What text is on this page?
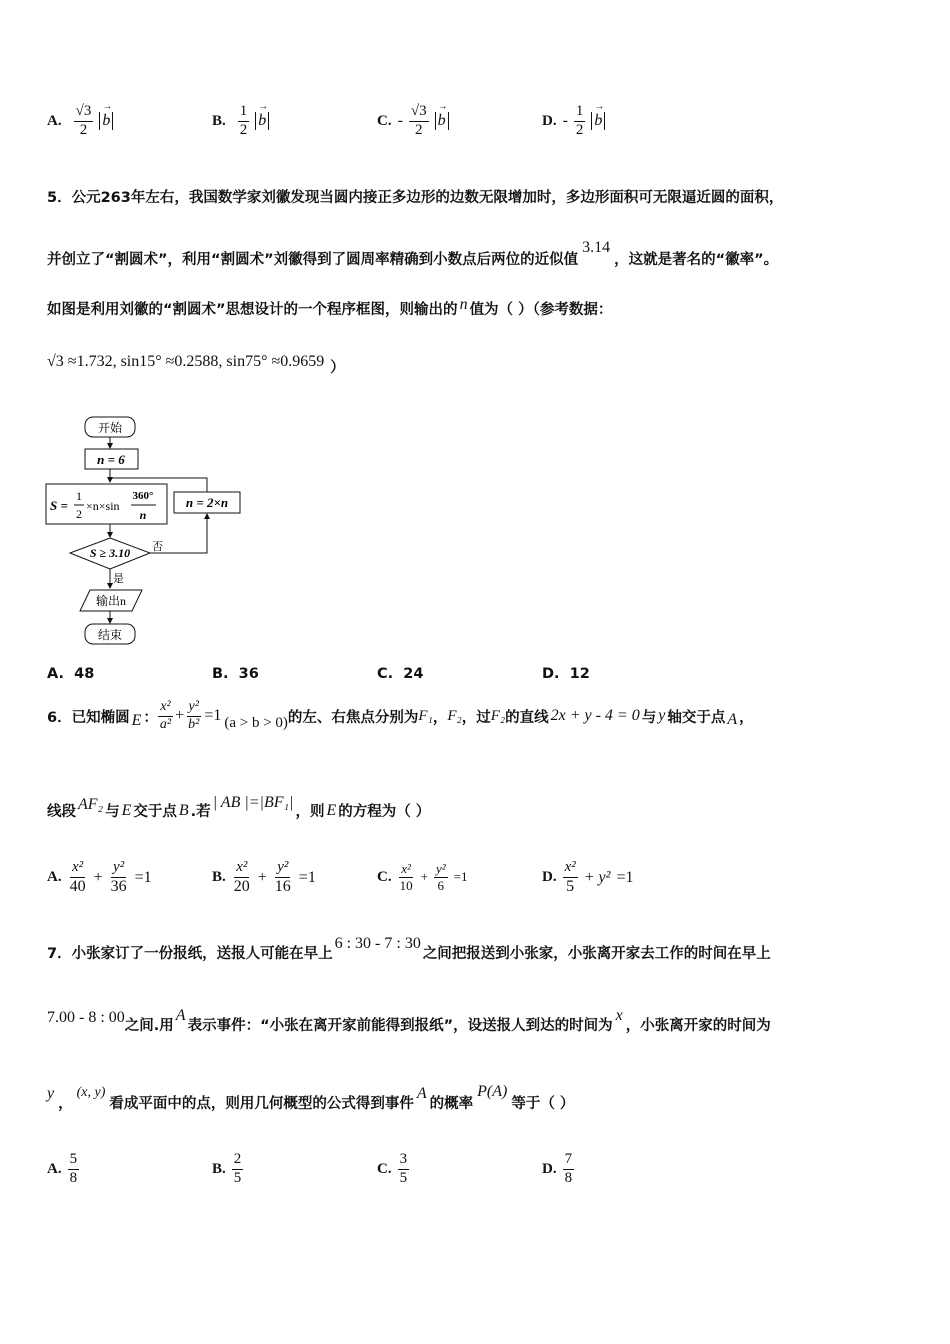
A. $\frac{√3}{2}$
→ b	B. $\frac{1}{2}$
→ b	C. - $\frac{√3}{2}$
→ b	D. - $\frac{1}{2}$
→ b
5．公元263年左右，我国数学家刘徽发现当圆内接正多边形的边数无限增加时，多边形面积可无限逼近圆的面积，
并创立了“割圆术”，利用“割圆术”刘徽得到了圆周率精确到小数点后两位的近似值3.14，这就是著名的“徽率”。
如图是利用刘徽的“割圆术”思想设计的一个程序框图，则输出的 n 值为（ ）（参考数据：
√3 ≈1.732, sin15° ≈0.2588, sin75° ≈0.9659 ）
开始
n = 6
S =
1
2
×n×sin
360°
n
n = 2×n
S ≥ 3.10 否
是
输出n
结束
A. 48	B. 36	C. 24	D. 12
6．已知椭圆 E ： $\frac{\text{x²}}{\text{a²}} + \frac{\text{y²}}{\text{b²}} =1$ (a > b > 0) 的左、右焦点分别为 F₁ ， F₂ ，过 F₂ 的直线 2x + y - 4 = 0 与 y 轴交于点 A ，
线段 AF₂ 与 E 交于点 B .若
| AB |=|BF₁|
，则 E 的方程为（ ）
A. $\frac{\text{x²}}{40} + \frac{\text{y²}}{36} =1$	B. $\frac{\text{x²}}{20} + \frac{\text{y²}}{16} =1$	C. $\frac{\text{x²}}{10} + \frac{\text{y²}}{6} =1$	D. $\frac{\text{x²}}{5} + y^2 =1$
7．小张家订了一份报纸，送报人可能在早上
6 : 30 - 7 : 30
之间把报送到小张家，小张离开家去工作的时间在早上
7.00 - 8 : 00 之间.用
A
表示事件：“小张在离开家前能得到报纸”，设送报人到达的时间为
x
，小张离开家的时间为
y
，
(x, y)
看成平面中的点，则用几何概型的公式得到事件
A
的概率
P(A)
等于（ ）
A. $\frac{5}{8}$	B. $\frac{2}{5}$	C. $\frac{3}{5}$	D. $\frac{7}{8}$
